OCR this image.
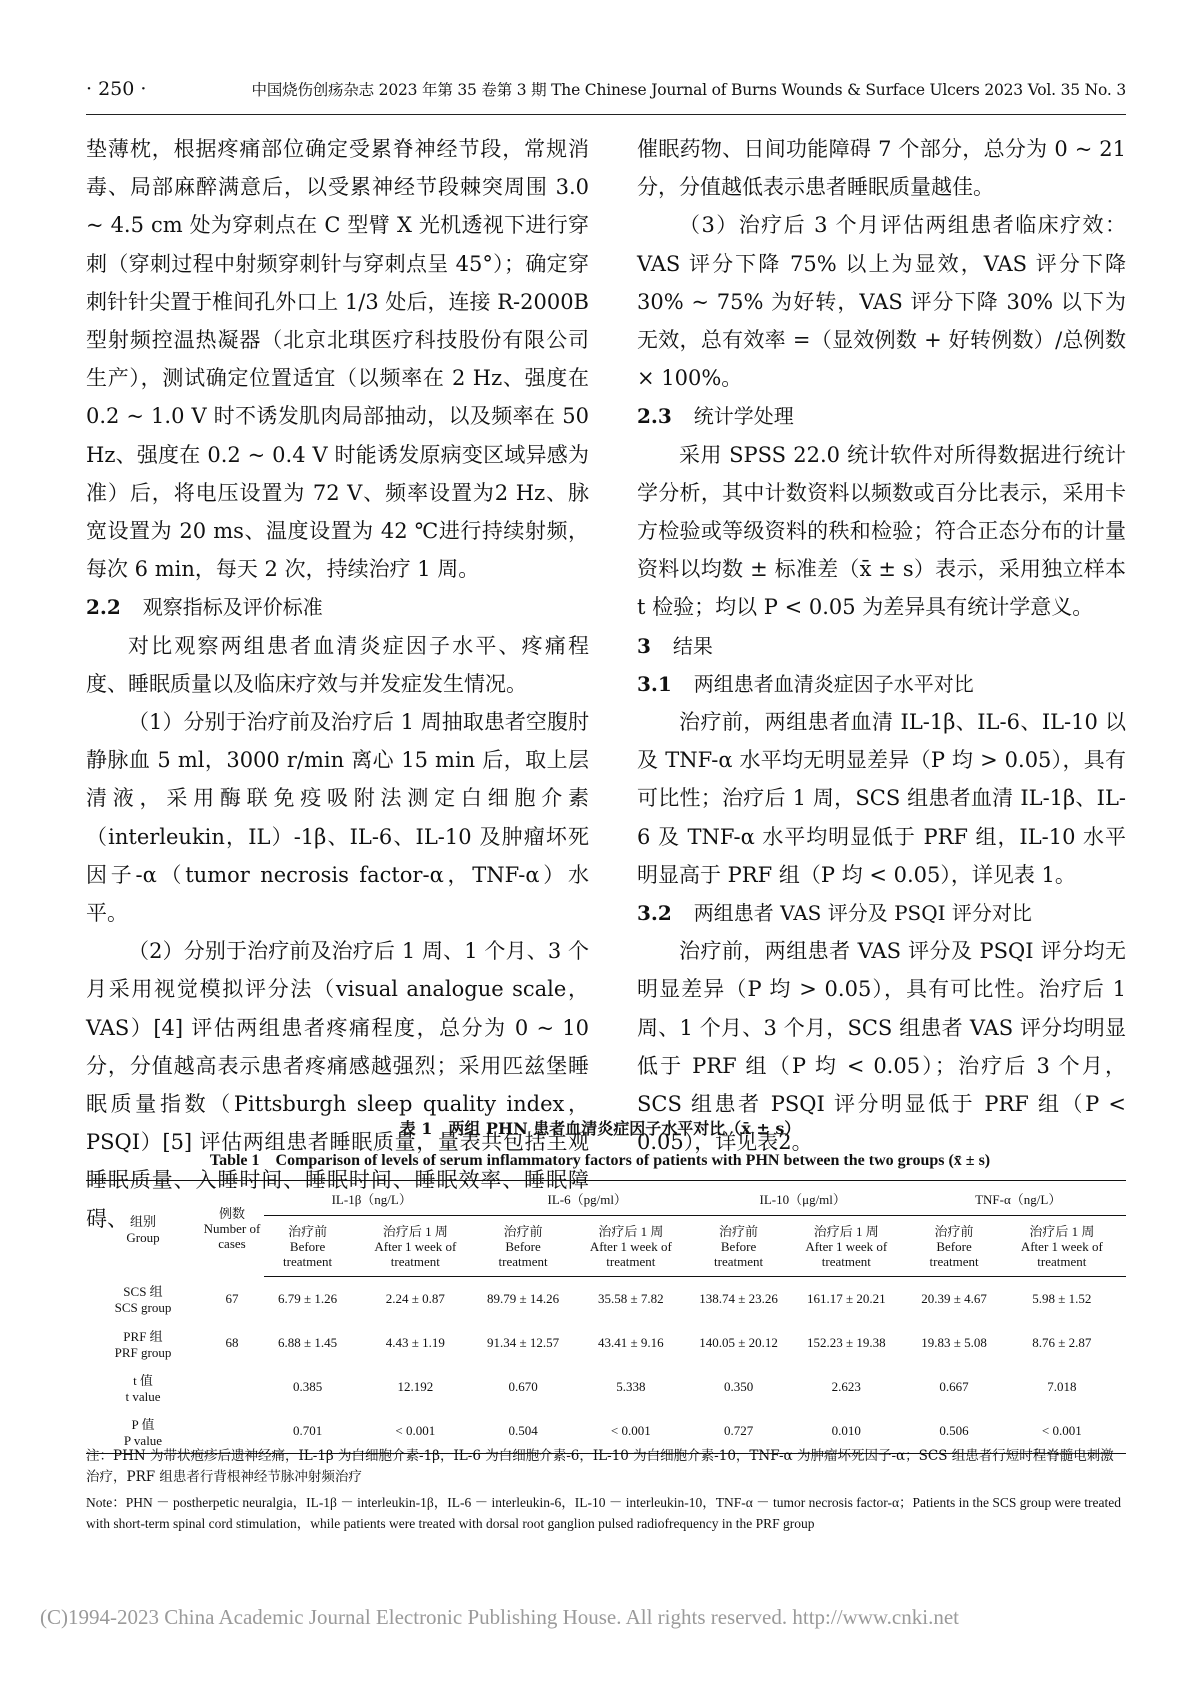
· 250 ·	中国烧伤创疡杂志 2023 年第 35 卷第 3 期 The Chinese Journal of Burns Wounds & Surface Ulcers 2023 Vol. 35 No. 3

垫薄枕，根据疼痛部位确定受累脊神经节段，常规消毒、局部麻醉满意后，以受累神经节段棘突周围 3.0 ~ 4.5 cm 处为穿刺点在 C 型臂 X 光机透视下进行穿刺（穿刺过程中射频穿刺针与穿刺点呈 45°）；确定穿刺针针尖置于椎间孔外口上 1/3 处后，连接 R-2000B 型射频控温热凝器（北京北琪医疗科技股份有限公司生产），测试确定位置适宜（以频率在 2 Hz、强度在 0.2 ~ 1.0 V 时不诱发肌肉局部抽动，以及频率在 50 Hz、强度在 0.2 ~ 0.4 V 时能诱发原病变区域异感为准）后，将电压设置为 72 V、频率设置为2 Hz、脉宽设置为 20 ms、温度设置为 42 ℃进行持续射频，每次 6 min，每天 2 次，持续治疗 1 周。

2.2 观察指标及评价标准

对比观察两组患者血清炎症因子水平、疼痛程度、睡眠质量以及临床疗效与并发症发生情况。

（1）分别于治疗前及治疗后 1 周抽取患者空腹肘静脉血 5 ml，3000 r/min 离心 15 min 后，取上层清液，采用酶联免疫吸附法测定白细胞介素（interleukin，IL）-1β、IL-6、IL-10 及肿瘤坏死因子-α（tumor necrosis factor-α，TNF-α）水平。

（2）分别于治疗前及治疗后 1 周、1 个月、3 个月采用视觉模拟评分法（visual analogue scale，VAS）[4] 评估两组患者疼痛程度，总分为 0 ~ 10 分，分值越高表示患者疼痛感越强烈；采用匹兹堡睡眠质量指数（Pittsburgh sleep quality index，PSQI）[5] 评估两组患者睡眠质量，量表共包括主观睡眠质量、入睡时间、睡眠时间、睡眠效率、睡眠障碍、

催眠药物、日间功能障碍 7 个部分，总分为 0 ~ 21 分，分值越低表示患者睡眠质量越佳。

（3）治疗后 3 个月评估两组患者临床疗效：VAS 评分下降 75% 以上为显效，VAS 评分下降 30% ~ 75% 为好转，VAS 评分下降 30% 以下为无效，总有效率 =（显效例数 + 好转例数）/总例数 × 100%。

2.3 统计学处理

采用 SPSS 22.0 统计软件对所得数据进行统计学分析，其中计数资料以频数或百分比表示，采用卡方检验或等级资料的秩和检验；符合正态分布的计量资料以均数 ± 标准差（x̄ ± s）表示，采用独立样本 t 检验；均以 P < 0.05 为差异具有统计学意义。

3 结果
3.1 两组患者血清炎症因子水平对比

治疗前，两组患者血清 IL-1β、IL-6、IL-10 以及 TNF-α 水平均无明显差异（P 均 > 0.05），具有可比性；治疗后 1 周，SCS 组患者血清 IL-1β、IL-6 及 TNF-α 水平均明显低于 PRF 组，IL-10 水平明显高于 PRF 组（P 均 < 0.05），详见表 1。

3.2 两组患者 VAS 评分及 PSQI 评分对比

治疗前，两组患者 VAS 评分及 PSQI 评分均无明显差异（P 均 > 0.05），具有可比性。治疗后 1 周、1 个月、3 个月，SCS 组患者 VAS 评分均明显低于 PRF 组（P 均 < 0.05）；治疗后 3 个月，SCS 组患者 PSQI 评分明显低于 PRF 组（P < 0.05），详见表2。

表 1　两组 PHN 患者血清炎症因子水平对比（x̄ ± s）
Table 1　Comparison of levels of serum inflammatory factors of patients with PHN between the two groups (x̄ ± s)
组别
Group	例数
Number of cases	IL-1β（ng/L）		IL-6（pg/ml）		IL-10（μg/ml）		TNF-α（ng/L）	

		治疗前
Before treatment	治疗后 1 周
After 1 week of treatment	治疗前
Before treatment	治疗后 1 周
After 1 week of treatment	治疗前
Before treatment	治疗后 1 周
After 1 week of treatment	治疗前
Before treatment	治疗后 1 周
After 1 week of treatment

SCS 组
SCS group	67	6.79 ± 1.26	2.24 ± 0.87	89.79 ± 14.26	35.58 ± 7.82	138.74 ± 23.26	161.17 ± 20.21	20.39 ± 4.67	5.98 ± 1.52

PRF 组
PRF group	68	6.88 ± 1.45	4.43 ± 1.19	91.34 ± 12.57	43.41 ± 9.16	140.05 ± 20.12	152.23 ± 19.38	19.83 ± 5.08	8.76 ± 2.87

t 值
t value		0.385	12.192	0.670	5.338	0.350	2.623	0.667	7.018

P 值
P value		0.701	< 0.001	0.504	< 0.001	0.727	0.010	0.506	< 0.001

注：PHN 为带状疱疹后遗神经痛，IL-1β 为白细胞介素-1β，IL-6 为白细胞介素-6，IL-10 为白细胞介素-10，TNF-α 为肿瘤坏死因子-α；SCS 组患者行短时程脊髓电刺激治疗，PRF 组患者行背根神经节脉冲射频治疗

Note：PHN － postherpetic neuralgia，IL-1β － interleukin-1β，IL-6 － interleukin-6，IL-10 － interleukin-10，TNF-α － tumor necrosis factor-α；Patients in the SCS group were treated with short-term spinal cord stimulation，while patients were treated with dorsal root ganglion pulsed radiofrequency in the PRF group

(C)1994-2023 China Academic Journal Electronic Publishing House. All rights reserved. http://www.cnki.net
